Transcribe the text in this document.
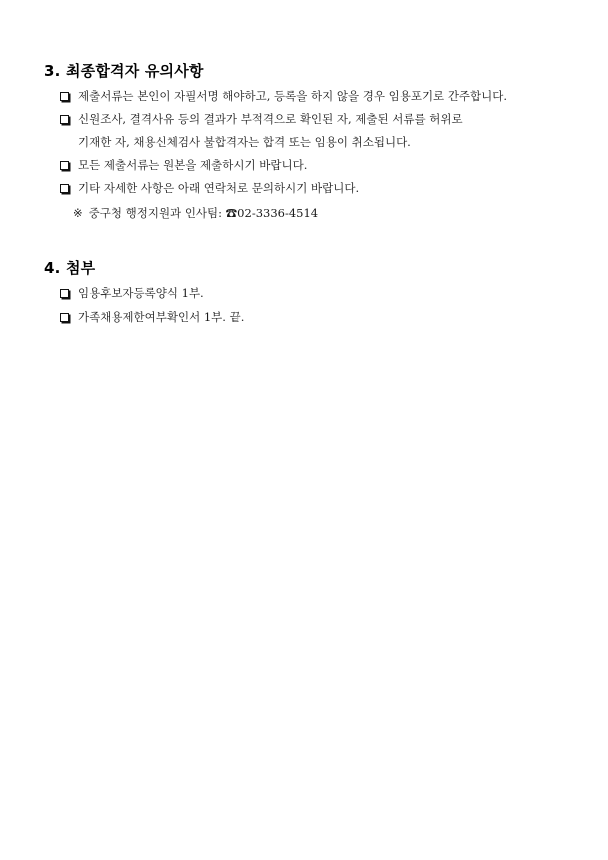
3. 최종합격자 유의사항
제출서류는 본인이 자필서명 해야하고, 등록을 하지 않을 경우 임용포기로 간주합니다.
신원조사, 결격사유 등의 결과가 부적격으로 확인된 자, 제출된 서류를 허위로
기재한 자, 채용신체검사 불합격자는 합격 또는 임용이 취소됩니다.
모든 제출서류는 원본을 제출하시기 바랍니다.
기타 자세한 사항은 아래 연락처로 문의하시기 바랍니다.
※ 중구청 행정지원과 인사팀: ☎02-3336-4514
4. 첨부
임용후보자등록양식 1부.
가족채용제한여부확인서 1부. 끝.
